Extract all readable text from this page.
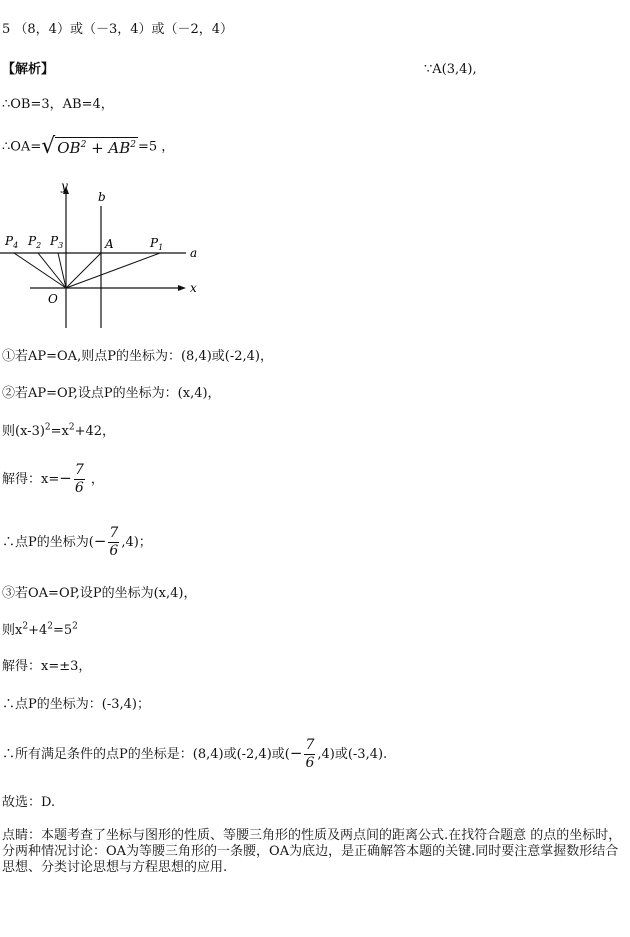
5 （8，4）或（－3，4）或（－2，4）
【解析】	∵A(3,4),
∴OB=3，AB=4，
∴OA=√ $OB^2 + AB^2 =5$ ，
y
b
a
x
O
A
$P_4$ $P_2$ $P_3$	$P_1$
①若AP=OA,则点P的坐标为：(8,4)或(-2,4)，
②若AP=OP,设点P的坐标为：(x,4)，
则$(x-3)^2=x^2+42$，
解得：$x=- \frac{7}{6}$ ，
∴点P的坐标为(− $\frac{7}{6} ,4$)；
③若OA=OP,设P的坐标为(x,4)，
则$x^2+4^2=5^2$
解得：x=±3，
∴点P的坐标为：(-3,4)；
∴所有满足条件的点P的坐标是：(8,4)或(-2,4)或(− $\frac{7}{6} ,4$)或(-3,4).
故选：D.
点睛：本题考查了坐标与图形的性质、等腰三角形的性质及两点间的距离公式.在找符合题意 的点的坐标时，分两种情况讨论：OA为等腰三角形的一条腰，OA为底边，是正确解答本题的关键.同时要注意掌握数形结合思想、分类讨论思想与方程思想的应用.
